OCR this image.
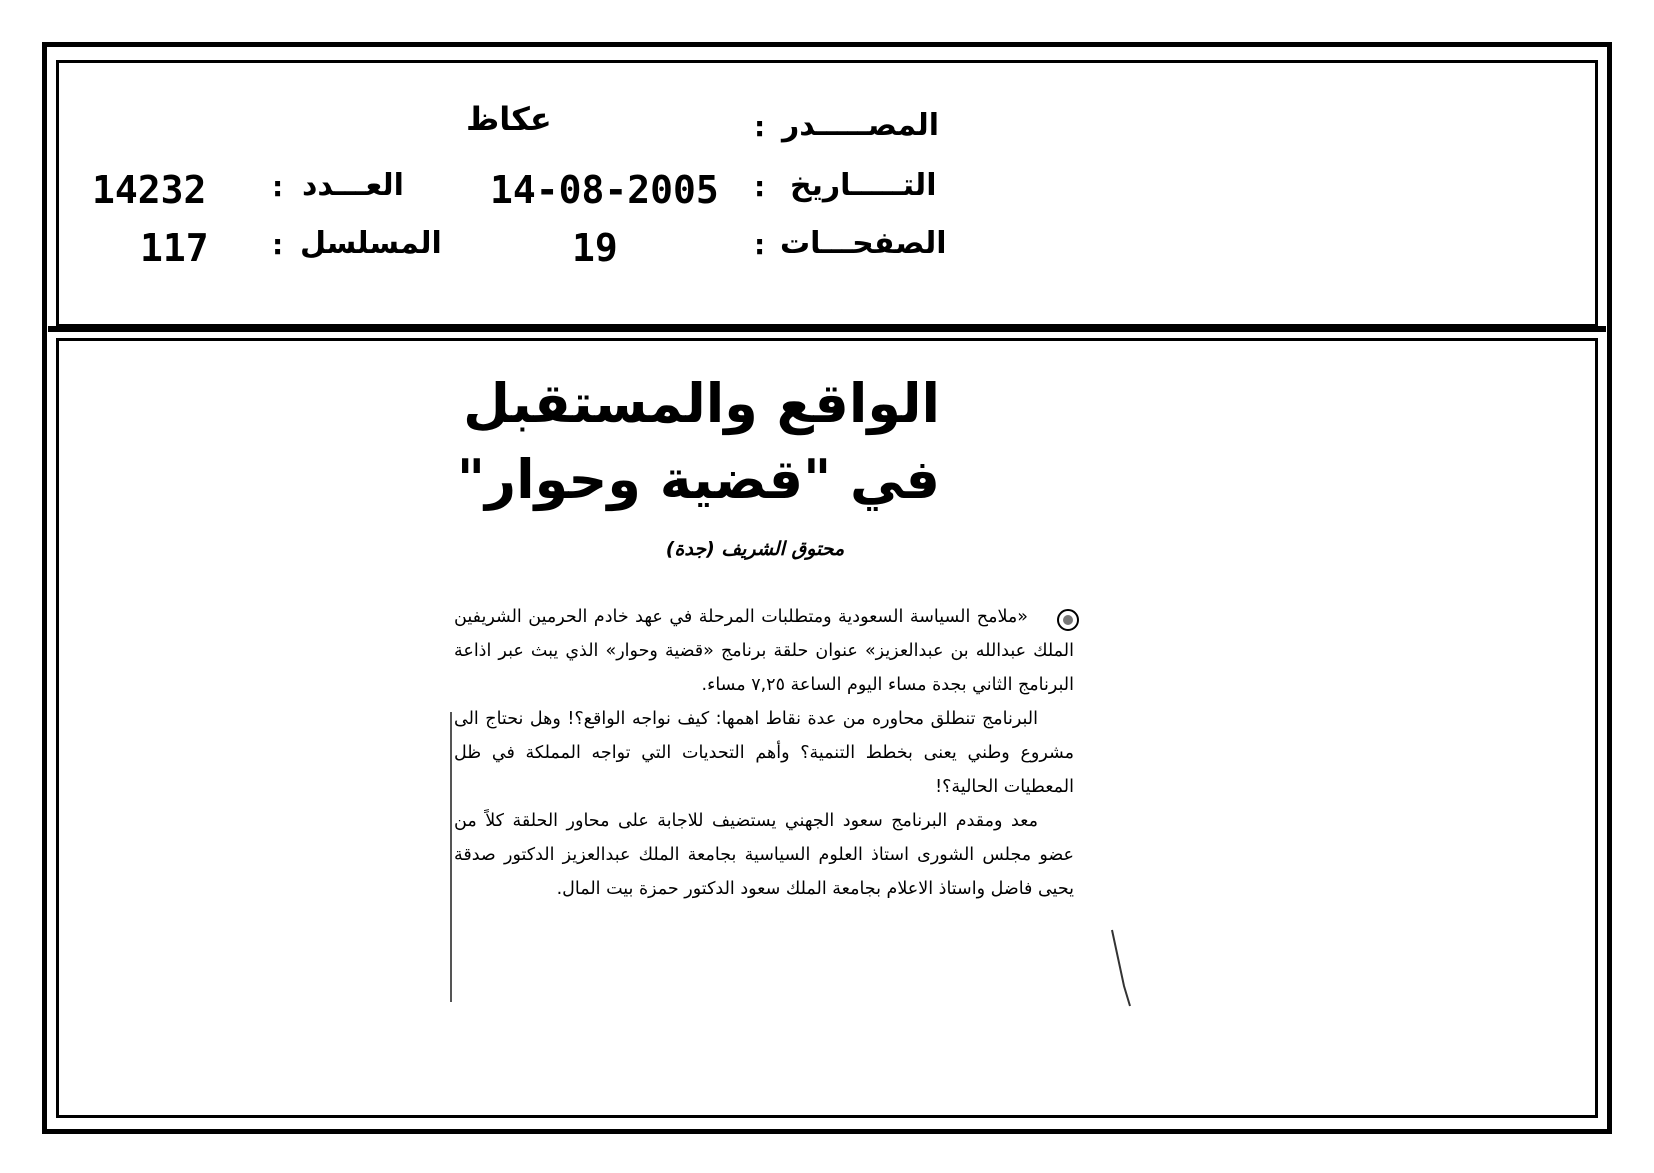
المصـــــدر
:
عكاظ
التـــــاريخ
:
14-08-2005
العـــدد
:
14232
الصفحـــات
:
19
المسلسل
:
117
الواقع والمستقبل
في "قضية وحوار"
محتوق الشريف (جدة)

«ملامح السياسة السعودية ومتطلبات المرحلة في عهد خادم الحرمين الشريفين الملك عبدالله بن عبدالعزيز» عنوان حلقة برنامج «قضية وحوار» الذي يبث عبر اذاعة البرنامج الثاني بجدة مساء اليوم الساعة ٧,٢٥ مساء.

البرنامج تنطلق محاوره من عدة نقاط اهمها: كيف نواجه الواقع؟! وهل نحتاج الى مشروع وطني يعنى بخطط التنمية؟ وأهم التحديات التي تواجه المملكة في ظل المعطيات الحالية؟!

معد ومقدم البرنامج سعود الجهني يستضيف للاجابة على محاور الحلقة كلاً من عضو مجلس الشورى استاذ العلوم السياسية بجامعة الملك عبدالعزيز الدكتور صدقة يحيى فاضل واستاذ الاعلام بجامعة الملك سعود الدكتور حمزة بيت المال.
